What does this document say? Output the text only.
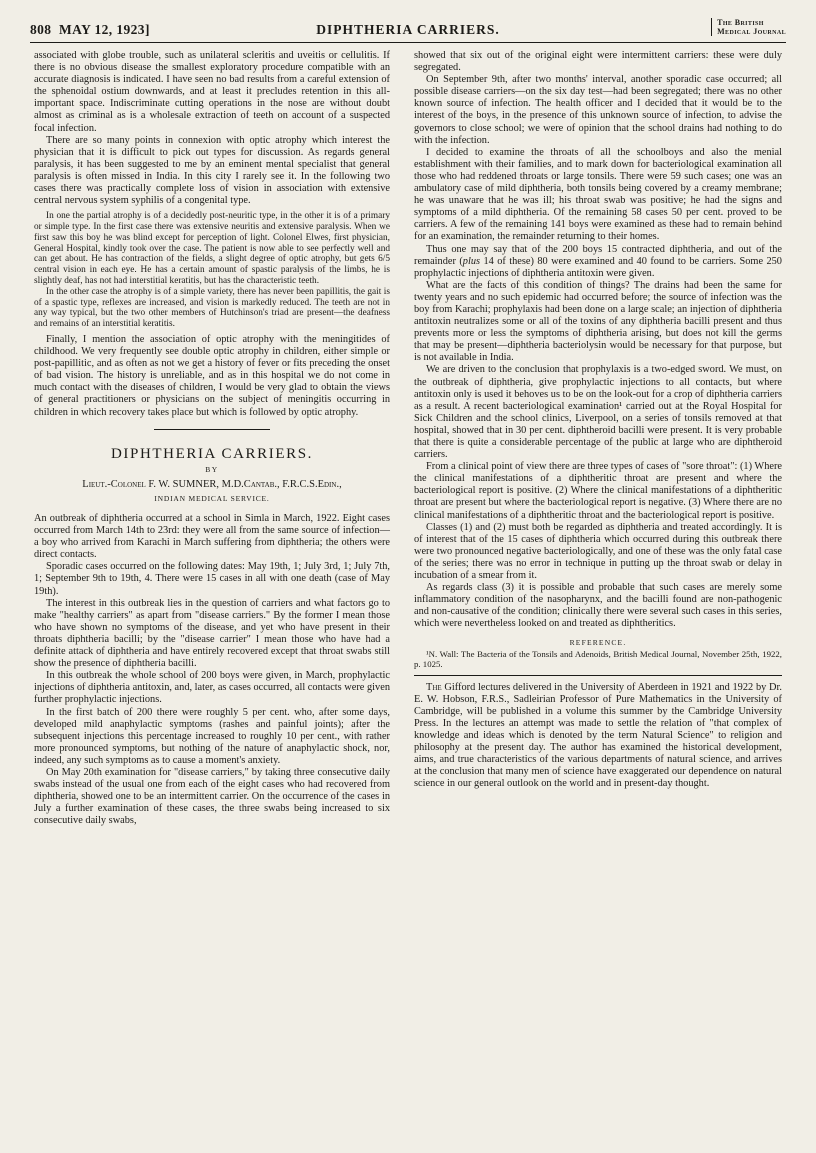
808 MAY 12, 1923]	DIPHTHERIA CARRIERS.	The British
Medical Journal

associated with globe trouble, such as unilateral scleritis and uveitis or cellulitis. If there is no obvious disease the smallest exploratory procedure compatible with an accurate diagnosis is indicated. I have seen no bad results from a careful extension of the sphenoidal ostium downwards, and at least it precludes retention in this all-important space. Indiscriminate cutting operations in the nose are without doubt almost as criminal as is a wholesale extraction of teeth on account of a suspected focal infection.

There are so many points in connexion with optic atrophy which interest the physician that it is difficult to pick out types for discussion. As regards general paralysis, it has been suggested to me by an eminent mental specialist that general paralysis is often missed in India. In this city I rarely see it. In the following two cases there was practically complete loss of vision in association with extensive central nervous system syphilis of a congenital type.

In one the partial atrophy is of a decidedly post-neuritic type, in the other it is of a primary or simple type. In the first case there was extensive neuritis and extensive paralysis. When we first saw this boy he was blind except for perception of light. Colonel Elwes, first physician, General Hospital, kindly took over the case. The patient is now able to see perfectly well and can get about. He has contraction of the fields, a slight degree of optic atrophy, but gets 6/5 central vision in each eye. He has a certain amount of spastic paralysis of the limbs, he is slightly deaf, has not had interstitial keratitis, but has the characteristic teeth.

In the other case the atrophy is of a simple variety, there has never been papillitis, the gait is of a spastic type, reflexes are increased, and vision is markedly reduced. The teeth are not in any way typical, but the two other members of Hutchinson's triad are present—the deafness and remains of an interstitial keratitis.

Finally, I mention the association of optic atrophy with the meningitides of childhood. We very frequently see double optic atrophy in children, either simple or post-papillitic, and as often as not we get a history of fever or fits preceding the onset of bad vision. The history is unreliable, and as in this hospital we do not come in much contact with the diseases of children, I would be very glad to obtain the views of general practitioners or physicians on the subject of meningitis occurring in children in which recovery takes place but which is followed by optic atrophy.

DIPHTHERIA CARRIERS.
BY
Lieut.-Colonel F. W. SUMNER, M.D.Cantab., F.R.C.S.Edin.,
INDIAN MEDICAL SERVICE.

An outbreak of diphtheria occurred at a school in Simla in March, 1922. Eight cases occurred from March 14th to 23rd: they were all from the same source of infection—a boy who arrived from Karachi in March suffering from diphtheria; the others were direct contacts.

Sporadic cases occurred on the following dates: May 19th, 1; July 3rd, 1; July 7th, 1; September 9th to 19th, 4. There were 15 cases in all with one death (case of May 19th).

The interest in this outbreak lies in the question of carriers and what factors go to make "healthy carriers" as apart from "disease carriers." By the former I mean those who have shown no symptoms of the disease, and yet who have present in their throats diphtheria bacilli; by the "disease carrier" I mean those who have had a definite attack of diphtheria and have entirely recovered except that throat swabs still show the presence of diphtheria bacilli.

In this outbreak the whole school of 200 boys were given, in March, prophylactic injections of diphtheria antitoxin, and, later, as cases occurred, all contacts were given further prophylactic injections.

In the first batch of 200 there were roughly 5 per cent. who, after some days, developed mild anaphylactic symptoms (rashes and painful joints); after the subsequent injections this percentage increased to roughly 10 per cent., with rather more pronounced symptoms, but nothing of the nature of anaphylactic shock, nor, indeed, any such symptoms as to cause a moment's anxiety.

On May 20th examination for "disease carriers," by taking three consecutive daily swabs instead of the usual one from each of the eight cases who had recovered from diphtheria, showed one to be an intermittent carrier. On the occurrence of the cases in July a further examination of these cases, the three swabs being increased to six consecutive daily swabs,

showed that six out of the original eight were intermittent carriers: these were duly segregated.

On September 9th, after two months' interval, another sporadic case occurred; all possible disease carriers—on the six day test—had been segregated; there was no other known source of infection. The health officer and I decided that it would be to the interest of the boys, in the presence of this unknown source of infection, to advise the governors to close school; we were of opinion that the school drains had nothing to do with the infection.

I decided to examine the throats of all the schoolboys and also the menial establishment with their families, and to mark down for bacteriological examination all those who had reddened throats or large tonsils. There were 59 such cases; one was an ambulatory case of mild diphtheria, both tonsils being covered by a creamy membrane; he was unaware that he was ill; his throat swab was positive; he had the signs and symptoms of a mild diphtheria. Of the remaining 58 cases 50 per cent. proved to be carriers. A few of the remaining 141 boys were examined as these had to remain behind for an examination, the remainder returning to their homes.

Thus one may say that of the 200 boys 15 contracted diphtheria, and out of the remainder (plus 14 of these) 80 were examined and 40 found to be carriers. Some 250 prophylactic injections of diphtheria antitoxin were given.

What are the facts of this condition of things? The drains had been the same for twenty years and no such epidemic had occurred before; the source of infection was the boy from Karachi; prophylaxis had been done on a large scale; an injection of diphtheria antitoxin neutralizes some or all of the toxins of any diphtheria bacilli present and thus prevents more or less the symptoms of diphtheria arising, but does not kill the germs that may be present—diphtheria bacteriolysin would be necessary for that purpose, but is not available in India.

We are driven to the conclusion that prophylaxis is a two-edged sword. We must, on the outbreak of diphtheria, give prophylactic injections to all contacts, but where antitoxin only is used it behoves us to be on the look-out for a crop of diphtheria carriers as a result. A recent bacteriological examination¹ carried out at the Royal Hospital for Sick Children and the school clinics, Liverpool, on a series of tonsils removed at that hospital, showed that in 30 per cent. diphtheroid bacilli were present. It is very probable that there is quite a considerable percentage of the public at large who are diphtheroid carriers.

From a clinical point of view there are three types of cases of "sore throat": (1) Where the clinical manifestations of a diphtheritic throat are present and where the bacteriological report is positive. (2) Where the clinical manifestations of a diphtheritic throat are present but where the bacteriological report is negative. (3) Where there are no clinical manifestations of a diphtheritic throat and the bacteriological report is positive.

Classes (1) and (2) must both be regarded as diphtheria and treated accordingly. It is of interest that of the 15 cases of diphtheria which occurred during this outbreak there were two pronounced negative bacteriologically, and one of these was the only fatal case of the series; there was no error in technique in putting up the throat swab or delay in incubation of a smear from it.

As regards class (3) it is possible and probable that such cases are merely some inflammatory condition of the nasopharynx, and the bacilli found are non-pathogenic and non-causative of the condition; clinically there were several such cases in this series, which were nevertheless looked on and treated as diphtheritics.

REFERENCE.

¹N. Wall: The Bacteria of the Tonsils and Adenoids, British Medical Journal, November 25th, 1922, p. 1025.

The Gifford lectures delivered in the University of Aberdeen in 1921 and 1922 by Dr. E. W. Hobson, F.R.S., Sadleirian Professor of Pure Mathematics in the University of Cambridge, will be published in a volume this summer by the Cambridge University Press. In the lectures an attempt was made to settle the relation of "that complex of knowledge and ideas which is denoted by the term Natural Science" to religion and philosophy at the present day. The author has examined the historical development, aims, and true characteristics of the various departments of natural science, and arrives at the conclusion that many men of science have exaggerated our dependence on natural science in our general outlook on the world and in present-day thought.
